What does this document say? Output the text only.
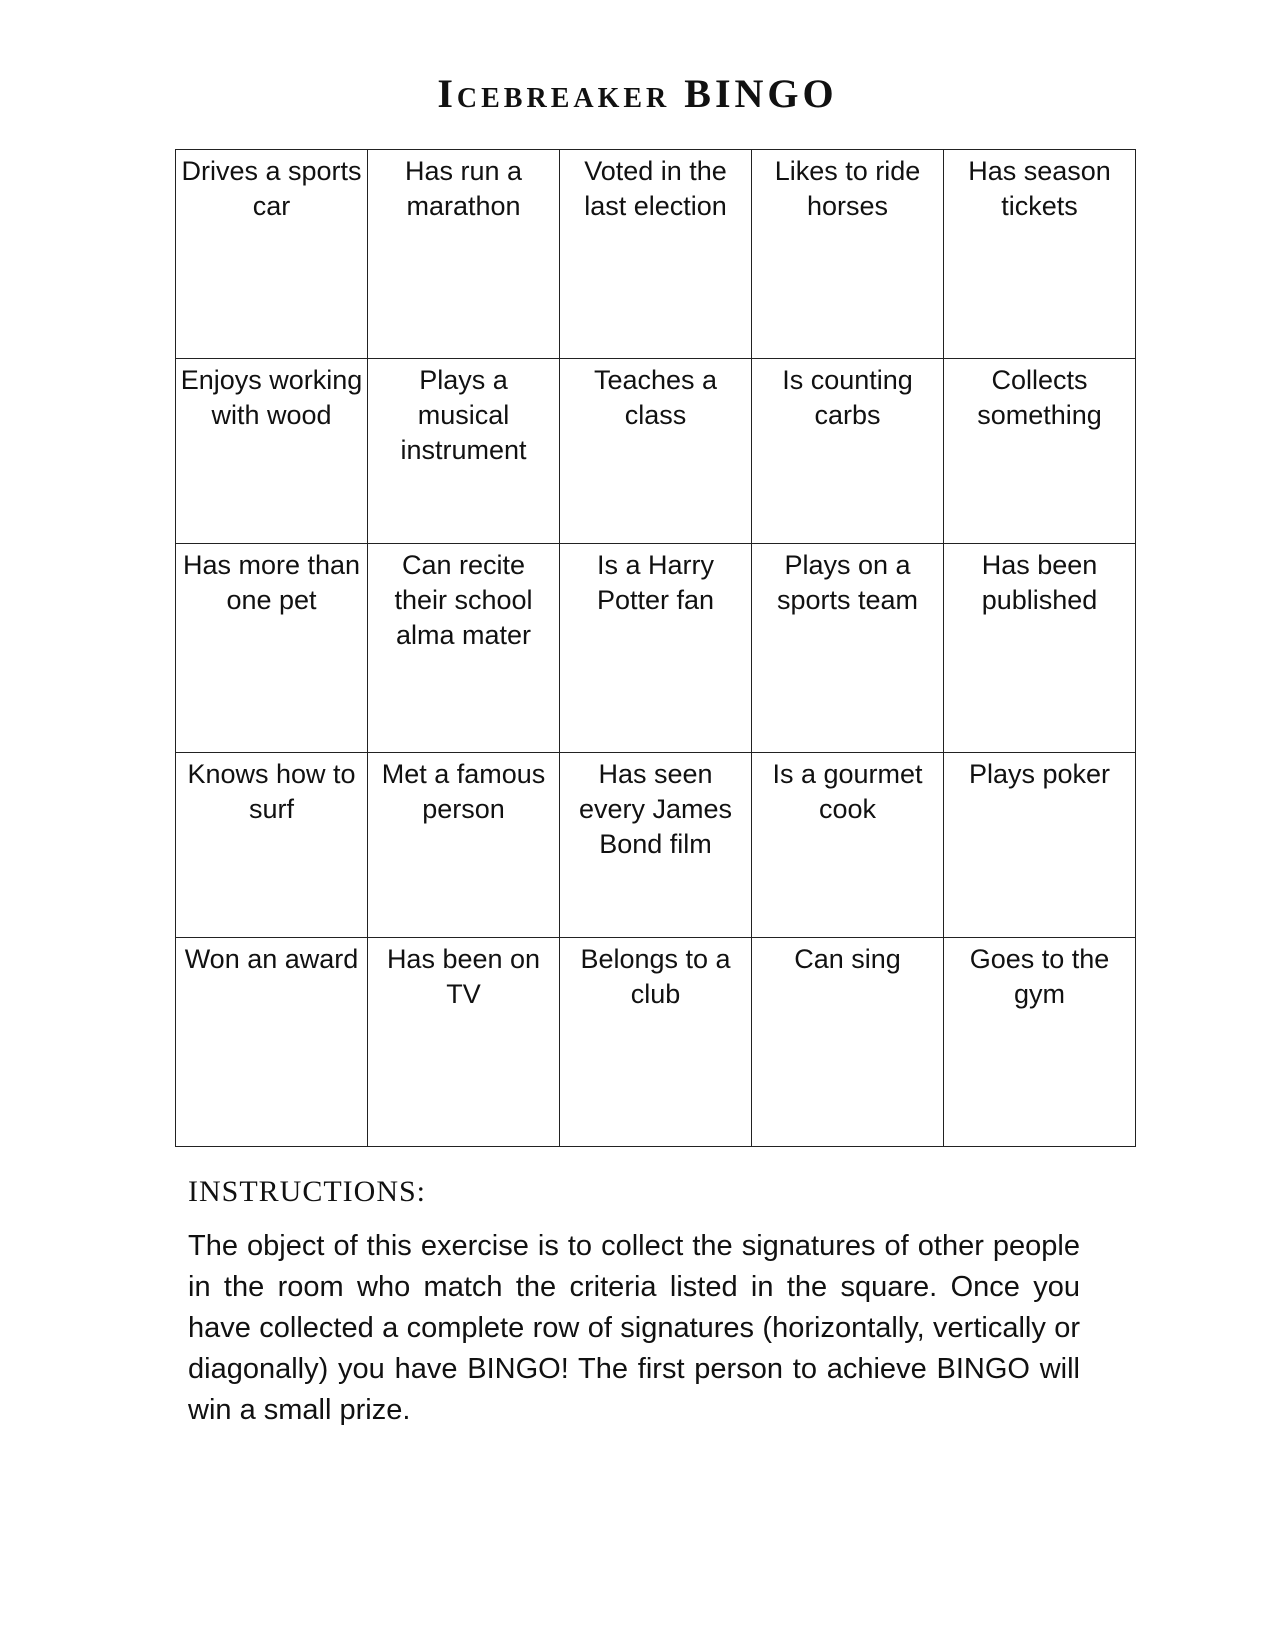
Icebreaker BINGO
Drives a sports car	Has run a marathon	Voted in the last election	Likes to ride horses	Has season tickets
Enjoys working with wood	Plays a musical instrument	Teaches a class	Is counting carbs	Collects something
Has more than one pet	Can recite their school alma mater	Is a Harry Potter fan	Plays on a sports team	Has been published
Knows how to surf	Met a famous person	Has seen every James Bond film	Is a gourmet cook	Plays poker
Won an award	Has been on TV	Belongs to a club	Can sing	Goes to the gym
INSTRUCTIONS:

The object of this exercise is to collect the signatures of other people in the room who match the criteria listed in the square. Once you have collected a complete row of signatures (horizontally, vertically or diagonally) you have BINGO! The first person to achieve BINGO will win a small prize.
